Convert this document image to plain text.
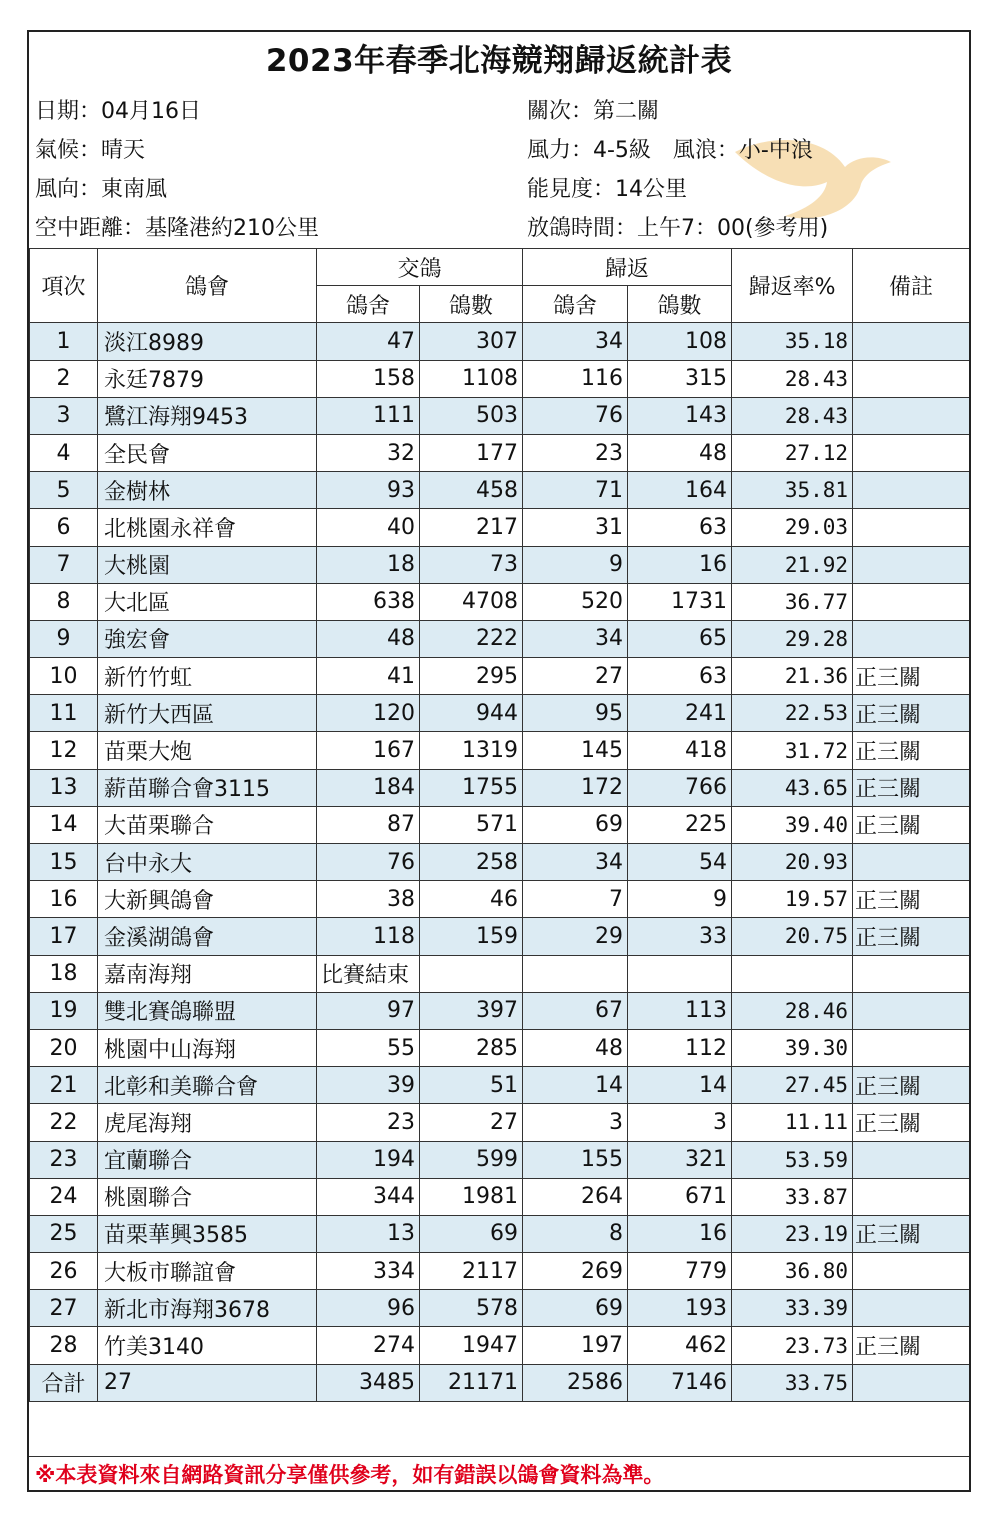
2023年春季北海競翔歸返統計表
日期：04月16日
氣候：晴天
風向：東南風
空中距離：基隆港約210公里
關次：第二關
風力：4-5級　風浪：小-中浪
能見度：14公里
放鴿時間：上午7：00(參考用)
項次	鴿會	交鴿		歸返		歸返率%	備註
		鴿舍	鴿數	鴿舍	鴿數		
1	淡江8989	47	307	34	108	35.18	
2	永廷7879	158	1108	116	315	28.43	
3	鷺江海翔9453	111	503	76	143	28.43	
4	全民會	32	177	23	48	27.12	
5	金樹林	93	458	71	164	35.81	
6	北桃園永祥會	40	217	31	63	29.03	
7	大桃園	18	73	9	16	21.92	
8	大北區	638	4708	520	1731	36.77	
9	強宏會	48	222	34	65	29.28	
10	新竹竹虹	41	295	27	63	21.36	正三關
11	新竹大西區	120	944	95	241	22.53	正三關
12	苗栗大炮	167	1319	145	418	31.72	正三關
13	薪苗聯合會3115	184	1755	172	766	43.65	正三關
14	大苗栗聯合	87	571	69	225	39.40	正三關
15	台中永大	76	258	34	54	20.93	
16	大新興鴿會	38	46	7	9	19.57	正三關
17	金溪湖鴿會	118	159	29	33	20.75	正三關
18	嘉南海翔	比賽結束					
19	雙北賽鴿聯盟	97	397	67	113	28.46	
20	桃園中山海翔	55	285	48	112	39.30	
21	北彰和美聯合會	39	51	14	14	27.45	正三關
22	虎尾海翔	23	27	3	3	11.11	正三關
23	宜蘭聯合	194	599	155	321	53.59	
24	桃園聯合	344	1981	264	671	33.87	
25	苗栗華興3585	13	69	8	16	23.19	正三關
26	大板市聯誼會	334	2117	269	779	36.80	
27	新北市海翔3678	96	578	69	193	33.39	
28	竹美3140	274	1947	197	462	23.73	正三關
合計	27	3485	21171	2586	7146	33.75	
※本表資料來自網路資訊分享僅供參考，如有錯誤以鴿會資料為準。
